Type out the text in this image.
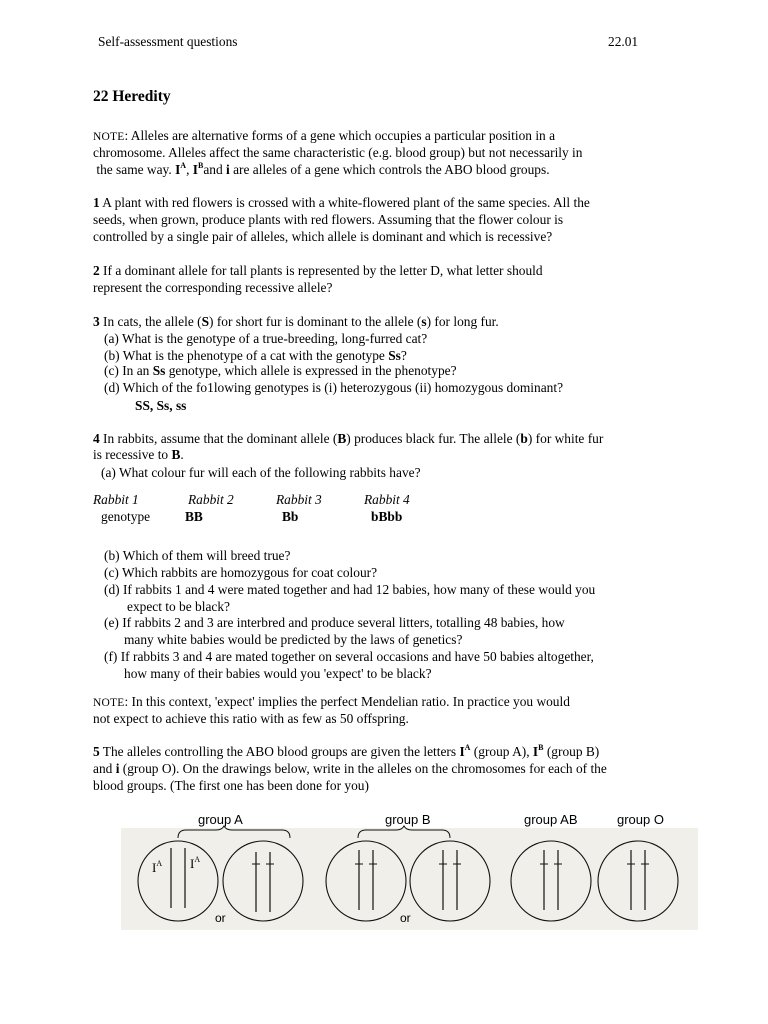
Self-assessment questions	22.01
22 Heredity
NOTE: Alleles are alternative forms of a gene which occupies a particular position in a
chromosome. Alleles affect the same characteristic (e.g. blood group) but not necessarily in
the same way. $I^A$, $I^Band$ i are alleles of a gene which controls the ABO blood groups.
1 A plant with red flowers is crossed with a white-flowered plant of the same species. All the
seeds, when grown, produce plants with red flowers. Assuming that the flower colour is
controlled by a single pair of alleles, which allele is dominant and which is recessive?
2 If a dominant allele for tall plants is represented by the letter D, what letter should
represent the corresponding recessive allele?
3 In cats, the allele (S) for short fur is dominant to the allele (s) for long fur.
(a) What is the genotype of a true-breeding, long-furred cat?
(b) What is the phenotype of a cat with the genotype Ss?
(c) In an Ss genotype, which allele is expressed in the phenotype?
(d) Which of the fo1lowing genotypes is (i) heterozygous (ii) homozygous dominant?
SS, Ss, ss
4 In rabbits, assume that the dominant allele (B) produces black fur. The allele (b) for white fur
is recessive to B.
(a) What colour fur will each of the following rabbits have?
Rabbit 1	Rabbit 2	Rabbit 3	Rabbit 4
genotype	BB	Bb	bBbb
(b) Which of them will breed true?
(c) Which rabbits are homozygous for coat colour?
(d) If rabbits 1 and 4 were mated together and had 12 babies, how many of these would you
expect to be black?
(e) If rabbits 2 and 3 are interbred and produce several litters, totalling 48 babies, how
many white babies would be predicted by the laws of genetics?
(f) If rabbits 3 and 4 are mated together on several occasions and have 50 babies altogether,
how many of their babies would you 'expect' to be black?
NOTE: In this context, 'expect' implies the perfect Mendelian ratio. In practice you would
not expect to achieve this ratio with as few as 50 offspring.
5 The alleles controlling the ABO blood groups are given the letters $I^A$ (group A), $I^B$ (group B)
and i (group O). On the drawings below, write in the alleles on the chromosomes for each of the
blood groups. (The first one has been done for you)
group A	group B	group AB	group O
$I^A$ $I^A$
or	or
